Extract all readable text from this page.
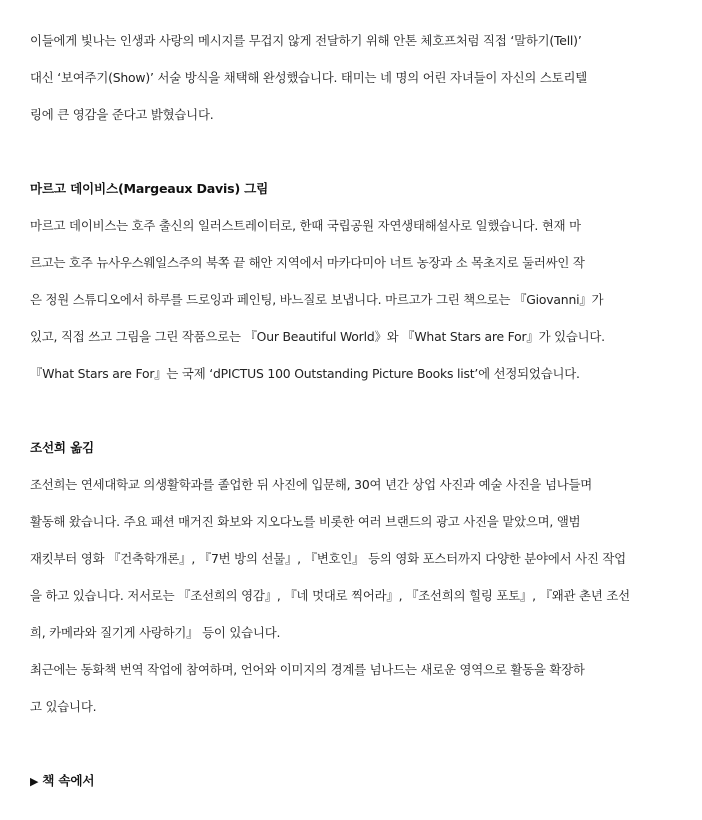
이들에게 빛나는 인생과 사랑의 메시지를 무겁지 않게 전달하기 위해 안톤 체호프처럼 직접 ‘말하기(Tell)’
대신 ‘보여주기(Show)’ 서술 방식을 채택해 완성했습니다. 태미는 네 명의 어린 자녀들이 자신의 스토리텔
링에 큰 영감을 준다고 밝혔습니다.
마르고 데이비스(Margeaux Davis) 그림
마르고 데이비스는 호주 출신의 일러스트레이터로, 한때 국립공원 자연생태해설사로 일했습니다. 현재 마
르고는 호주 뉴사우스웨일스주의 북쪽 끝 해안 지역에서 마카다미아 너트 농장과 소 목초지로 둘러싸인 작
은 정원 스튜디오에서 하루를 드로잉과 페인팅, 바느질로 보냅니다. 마르고가 그린 책으로는 『Giovanni』가
있고, 직접 쓰고 그림을 그린 작품으로는 『Our Beautiful World》와 『What Stars are For』가 있습니다.
『What Stars are For』는 국제 ‘dPICTUS 100 Outstanding Picture Books list’에 선정되었습니다.
조선희 옮김
조선희는 연세대학교 의생활학과를 졸업한 뒤 사진에 입문해, 30여 년간 상업 사진과 예술 사진을 넘나들며
활동해 왔습니다. 주요 패션 매거진 화보와 지오다노를 비롯한 여러 브랜드의 광고 사진을 맡았으며, 앨범
재킷부터 영화 『건축학개론』, 『7번 방의 선물』, 『변호인』 등의 영화 포스터까지 다양한 분야에서 사진 작업
을 하고 있습니다. 저서로는 『조선희의 영감』, 『네 멋대로 찍어라』, 『조선희의 힐링 포토』, 『왜관 촌년 조선
희, 카메라와 질기게 사랑하기』 등이 있습니다.
최근에는 동화책 번역 작업에 참여하며, 언어와 이미지의 경계를 넘나드는 새로운 영역으로 활동을 확장하
고 있습니다.
▶ 책 속에서
